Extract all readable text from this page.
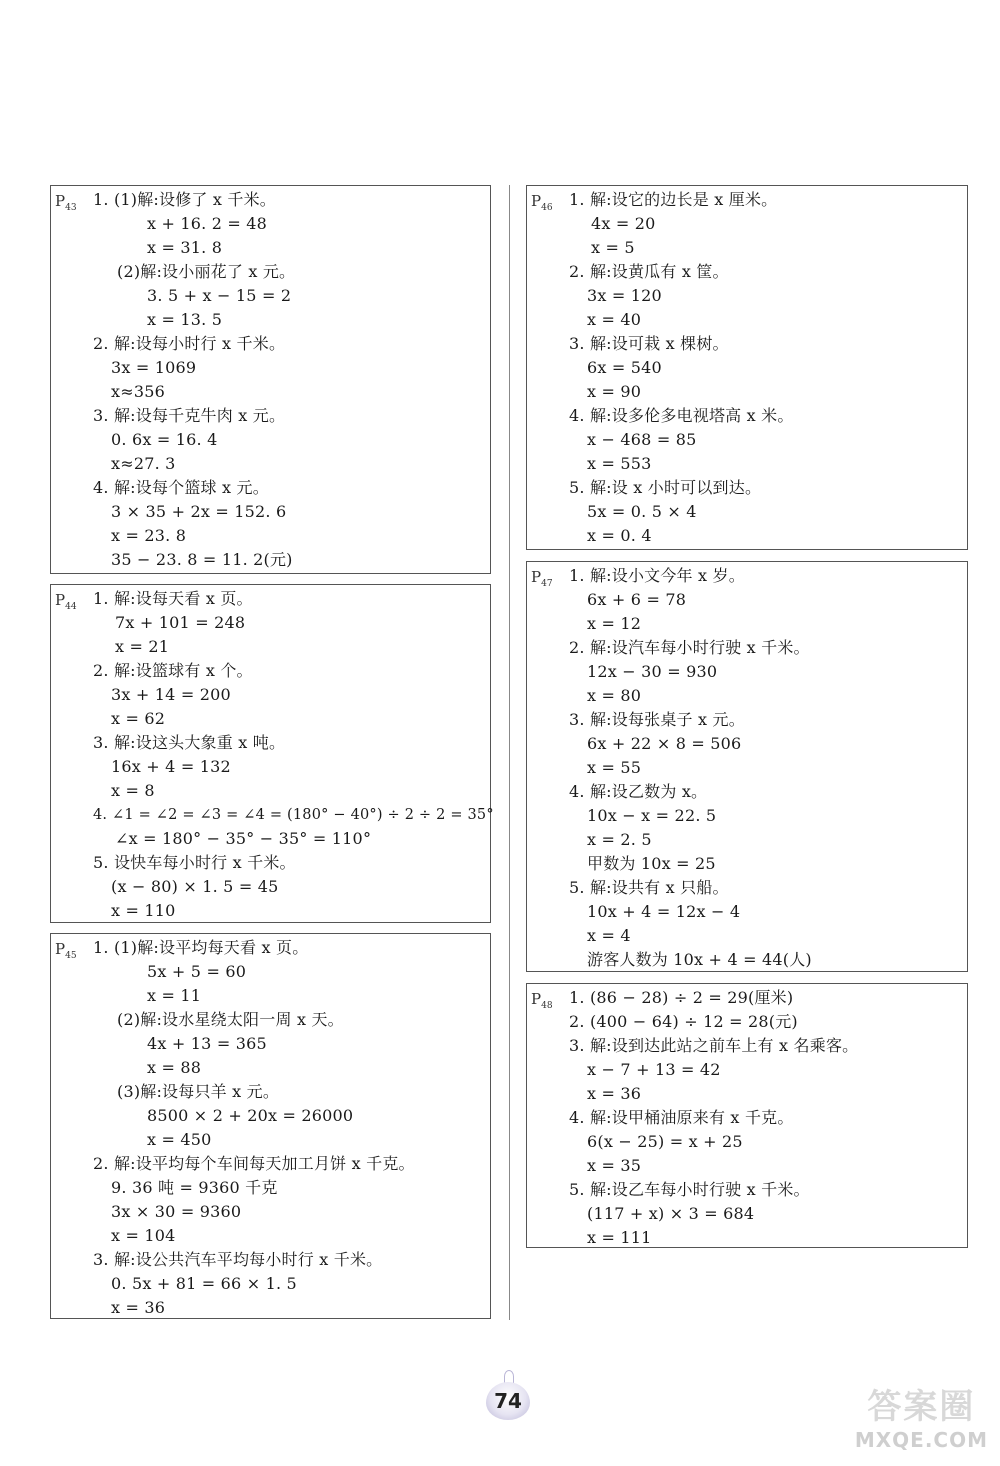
$P_{43}$ 1. (1)解:设修了 x 千米。
x + 16. 2 = 48
x = 31. 8
(2)解:设小丽花了 x 元。
3. 5 + x − 15 = 2
x = 13. 5
2. 解:设每小时行 x 千米。
3x = 1069
x≈356
3. 解:设每千克牛肉 x 元。
0. 6x = 16. 4
x≈27. 3
4. 解:设每个篮球 x 元。
3 × 35 + 2x = 152. 6
x = 23. 8
35 − 23. 8 = 11. 2(元)
$P_{44}$ 1. 解:设每天看 x 页。
7x + 101 = 248
x = 21
2. 解:设篮球有 x 个。
3x + 14 = 200
x = 62
3. 解:设这头大象重 x 吨。
16x + 4 = 132
x = 8
4. ∠1 = ∠2 = ∠3 = ∠4 = (180° − 40°) ÷ 2 ÷ 2 = 35°
∠x = 180° − 35° − 35° = 110°
5. 设快车每小时行 x 千米。
(x − 80) × 1. 5 = 45
x = 110
$P_{45}$ 1. (1)解:设平均每天看 x 页。
5x + 5 = 60
x = 11
(2)解:设水星绕太阳一周 x 天。
4x + 13 = 365
x = 88
(3)解:设每只羊 x 元。
8500 × 2 + 20x = 26000
x = 450
2. 解:设平均每个车间每天加工月饼 x 千克。
9. 36 吨 = 9360 千克
3x × 30 = 9360
x = 104
3. 解:设公共汽车平均每小时行 x 千米。
0. 5x + 81 = 66 × 1. 5
x = 36
$P_{46}$ 1. 解:设它的边长是 x 厘米。
4x = 20
x = 5
2. 解:设黄瓜有 x 筐。
3x = 120
x = 40
3. 解:设可栽 x 棵树。
6x = 540
x = 90
4. 解:设多伦多电视塔高 x 米。
x − 468 = 85
x = 553
5. 解:设 x 小时可以到达。
5x = 0. 5 × 4
x = 0. 4
$P_{47}$ 1. 解:设小文今年 x 岁。
6x + 6 = 78
x = 12
2. 解:设汽车每小时行驶 x 千米。
12x − 30 = 930
x = 80
3. 解:设每张桌子 x 元。
6x + 22 × 8 = 506
x = 55
4. 解:设乙数为 x。
10x − x = 22. 5
x = 2. 5
甲数为 10x = 25
5. 解:设共有 x 只船。
10x + 4 = 12x − 4
x = 4
游客人数为 10x + 4 = 44(人)
$P_{48}$ 1. (86 − 28) ÷ 2 = 29(厘米)
2. (400 − 64) ÷ 12 = 28(元)
3. 解:设到达此站之前车上有 x 名乘客。
x − 7 + 13 = 42
x = 36
4. 解:设甲桶油原来有 x 千克。
6(x − 25) = x + 25
x = 35
5. 解:设乙车每小时行驶 x 千米。
(117 + x) × 3 = 684
x = 111
74	答案圈
MXQE.COM
